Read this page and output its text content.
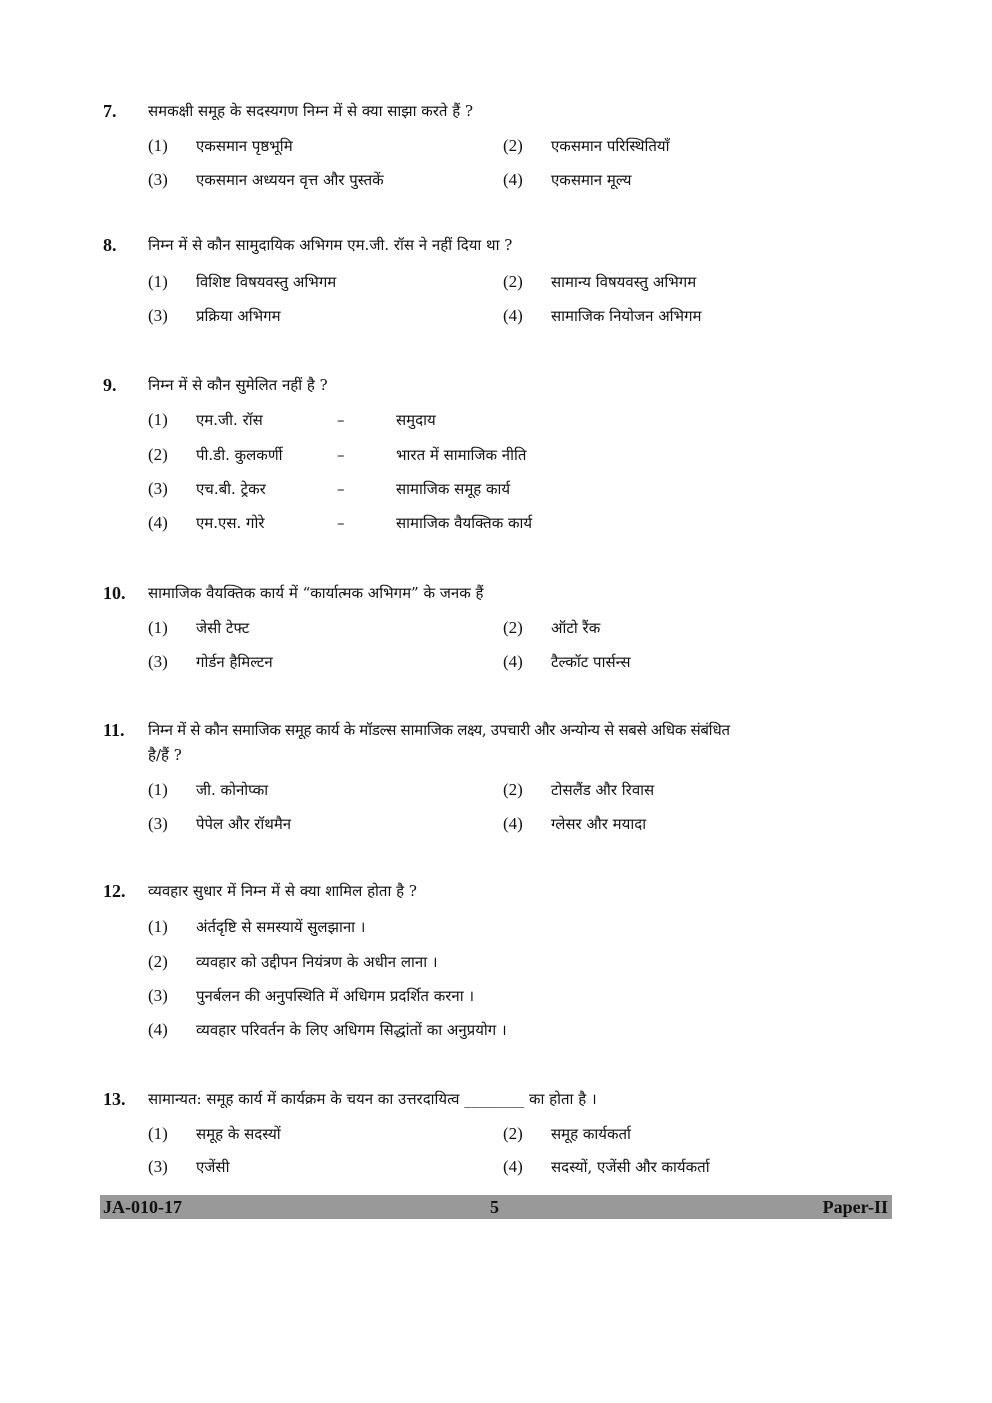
7. समकक्षी समूह के सदस्यगण निम्न में से क्या साझा करते हैं ?
(1) एकसमान पृष्ठभूमि	(2) एकसमान परिस्थितियाँ
(3) एकसमान अध्ययन वृत्त और पुस्तकें	(4) एकसमान मूल्य
8. निम्न में से कौन सामुदायिक अभिगम एम.जी. रॉस ने नहीं दिया था ?
(1) विशिष्ट विषयवस्तु अभिगम	(2) सामान्य विषयवस्तु अभिगम
(3) प्रक्रिया अभिगम	(4) सामाजिक नियोजन अभिगम
9. निम्न में से कौन सुमेलित नहीं है ?
(1) एम.जी. रॉस	–	समुदाय
(2) पी.डी. कुलकर्णी	–	भारत में सामाजिक नीति
(3) एच.बी. ट्रेकर	–	सामाजिक समूह कार्य
(4) एम.एस. गोरे	–	सामाजिक वैयक्तिक कार्य
10. सामाजिक वैयक्तिक कार्य में “कार्यात्मक अभिगम” के जनक हैं
(1) जेसी टेफ्ट	(2) ऑटो रैंक
(3) गोर्डन हैमिल्टन	(4) टैल्कॉट पार्सन्स
11. निम्न में से कौन समाजिक समूह कार्य के मॉडल्स सामाजिक लक्ष्य, उपचारी और अन्योन्य से सबसे अधिक संबंधित
है/हैं ?
(1) जी. कोनोप्का	(2) टोसलैंड और रिवास
(3) पेपेल और रॉथमैन	(4) ग्लेसर और मयादा
12. व्यवहार सुधार में निम्न में से क्या शामिल होता है ?
(1) अंर्तदृष्टि से समस्यायें सुलझाना ।
(2) व्यवहार को उद्दीपन नियंत्रण के अधीन लाना ।
(3) पुनर्बलन की अनुपस्थिति में अधिगम प्रदर्शित करना ।
(4) व्यवहार परिवर्तन के लिए अधिगम सिद्धांतों का अनुप्रयोग ।
13. सामान्यत: समूह कार्य में कार्यक्रम के चयन का उत्तरदायित्व ________ का होता है ।
(1) समूह के सदस्यों	(2) समूह कार्यकर्ता
(3) एजेंसी	(4) सदस्यों, एजेंसी और कार्यकर्ता
JA-010-17	5	Paper-II
